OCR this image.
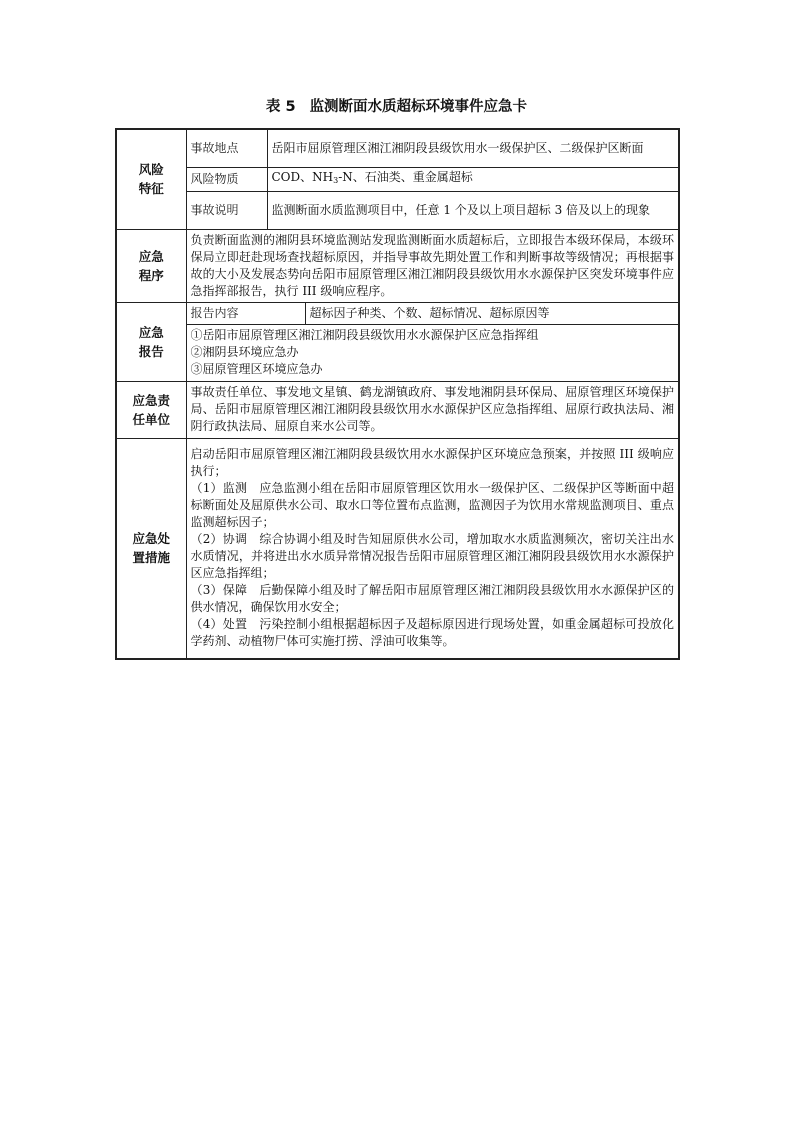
表 5 监测断面水质超标环境事件应急卡
风险
特征	事故地点	岳阳市屈原管理区湘江湘阴段县级饮用水一级保护区、二级保护区断面	
	风险物质	COD、NH3-N、石油类、重金属超标	
	事故说明	监测断面水质监测项目中，任意 1 个及以上项目超标 3 倍及以上的现象	

应急
程序	负责断面监测的湘阴县环境监测站发现监测断面水质超标后，立即报告本级环保局，本级环保局立即赶赴现场查找超标原因，并指导事故先期处置工作和判断事故等级情况；再根据事故的大小及发展态势向岳阳市屈原管理区湘江湘阴段县级饮用水水源保护区突发环境事件应急指挥部报告，执行 III 级响应程序。		

应急
报告	报告内容		超标因子种类、个数、超标情况、超标原因等

	①岳阳市屈原管理区湘江湘阴段县级饮用水水源保护区应急指挥组
②湘阴县环境应急办
③屈原管理区环境应急办		

应急责
任单位	事故责任单位、事发地文星镇、鹤龙湖镇政府、事发地湘阴县环保局、屈原管理区环境保护局、岳阳市屈原管理区湘江湘阴段县级饮用水水源保护区应急指挥组、屈原行政执法局、湘阴行政执法局、屈原自来水公司等。		

应急处
置措施	启动岳阳市屈原管理区湘江湘阴段县级饮用水水源保护区环境应急预案，并按照 III 级响应执行；
（1）监测　应急监测小组在岳阳市屈原管理区饮用水一级保护区、二级保护区等断面中超标断面处及屈原供水公司、取水口等位置布点监测，监测因子为饮用水常规监测项目、重点监测超标因子；
（2）协调　综合协调小组及时告知屈原供水公司，增加取水水质监测频次，密切关注出水水质情况，并将进出水水质异常情况报告岳阳市屈原管理区湘江湘阴段县级饮用水水源保护区应急指挥组；
（3）保障　后勤保障小组及时了解岳阳市屈原管理区湘江湘阴段县级饮用水水源保护区的供水情况，确保饮用水安全；
（4）处置　污染控制小组根据超标因子及超标原因进行现场处置，如重金属超标可投放化学药剂、动植物尸体可实施打捞、浮油可收集等。		
